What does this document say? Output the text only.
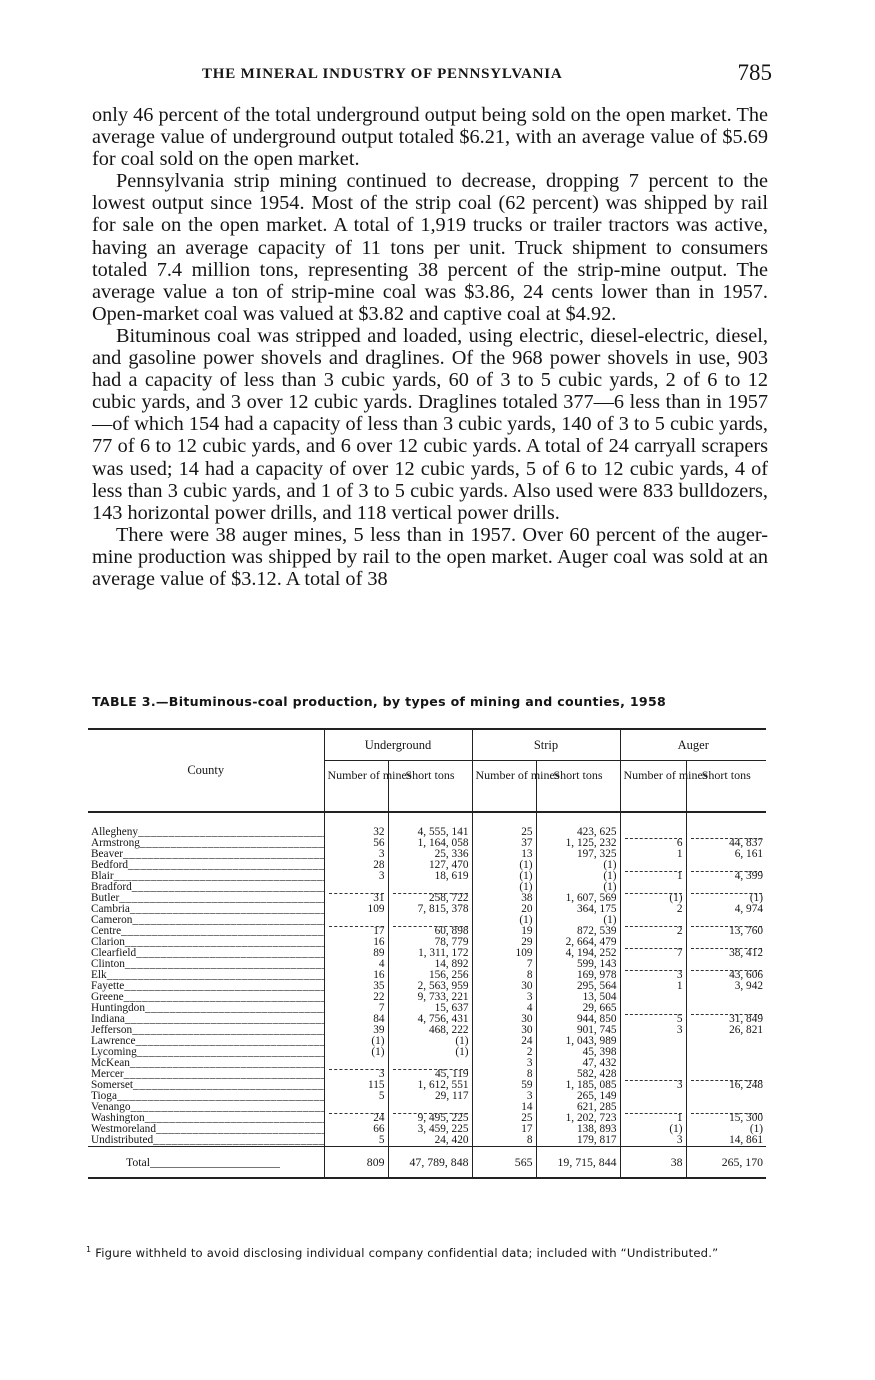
THE MINERAL INDUSTRY OF PENNSYLVANIA	785

only 46 percent of the total underground output being sold on the open market. The average value of underground output totaled $6.21, with an average value of $5.69 for coal sold on the open market.

Pennsylvania strip mining continued to decrease, dropping 7 percent to the lowest output since 1954. Most of the strip coal (62 percent) was shipped by rail for sale on the open market. A total of 1,919 trucks or trailer tractors was active, having an average capacity of 11 tons per unit. Truck shipment to consumers totaled 7.4 million tons, representing 38 percent of the strip-mine output. The average value a ton of strip-mine coal was $3.86, 24 cents lower than in 1957. Open-market coal was valued at $3.82 and captive coal at $4.92.

Bituminous coal was stripped and loaded, using electric, diesel-electric, diesel, and gasoline power shovels and draglines. Of the 968 power shovels in use, 903 had a capacity of less than 3 cubic yards, 60 of 3 to 5 cubic yards, 2 of 6 to 12 cubic yards, and 3 over 12 cubic yards. Draglines totaled 377—6 less than in 1957—of which 154 had a capacity of less than 3 cubic yards, 140 of 3 to 5 cubic yards, 77 of 6 to 12 cubic yards, and 6 over 12 cubic yards. A total of 24 carryall scrapers was used; 14 had a capacity of over 12 cubic yards, 5 of 6 to 12 cubic yards, 4 of less than 3 cubic yards, and 1 of 3 to 5 cubic yards. Also used were 833 bulldozers, 143 horizontal power drills, and 118 vertical power drills.

There were 38 auger mines, 5 less than in 1957. Over 60 percent of the auger-mine production was shipped by rail to the open market. Auger coal was sold at an average value of $3.12. A total of 38

TABLE 3.—Bituminous-coal production, by types of mining and counties, 1958
County	Underground		Strip		Auger	
	Number of mines	Short tons	Number of mines	Short tons	Number of mines	Short tons

Allegheny _____	32	4, 555, 141	25	423, 625		
Armstrong _____	56	1, 164, 058	37	1, 125, 232	6	44, 837
Beaver _____	3	25, 336	13	197, 325	1	6, 161
Bedford _____	28	127, 470	(1)	(1)		
Blair _____	3	18, 619	(1)	(1)	1	4, 399
Bradford _____			(1)	(1)		
Butler _____	31	258, 722	38	1, 607, 569	(1)	(1)
Cambria _____	109	7, 815, 378	20	364, 175	2	4, 974
Cameron _____			(1)	(1)		
Centre _____	17	60, 898	19	872, 539	2	13, 760
Clarion _____	16	78, 779	29	2, 664, 479		
Clearfield _____	89	1, 311, 172	109	4, 194, 252	7	38, 412
Clinton _____	4	14, 892	7	599, 143		
Elk _____	16	156, 256	8	169, 978	3	43, 606
Fayette _____	35	2, 563, 959	30	295, 564	1	3, 942
Greene _____	22	9, 733, 221	3	13, 504		
Huntingdon _____	7	15, 637	4	29, 665		
Indiana _____	84	4, 756, 431	30	944, 850	5	31, 849
Jefferson _____	39	468, 222	30	901, 745	3	26, 821
Lawrence _____	(1)	(1)	24	1, 043, 989		
Lycoming _____	(1)	(1)	2	45, 398		
McKean _____			3	47, 432		
Mercer _____	3	45, 119	8	582, 428		
Somerset _____	115	1, 612, 551	59	1, 185, 085	3	16, 248
Tioga _____	5	29, 117	3	265, 149		
Venango _____			14	621, 285		
Washington _____	24	9, 495, 225	25	1, 202, 723	1	15, 300
Westmoreland _____	66	3, 459, 225	17	138, 893	(1)	(1)
Undistributed _____	5	24, 420	8	179, 817	3	14, 861
Total _____	809	47, 789, 848	565	19, 715, 844	38	265, 170
$^1$ Figure withheld to avoid disclosing individual company confidential data; included with “Undistributed.”
